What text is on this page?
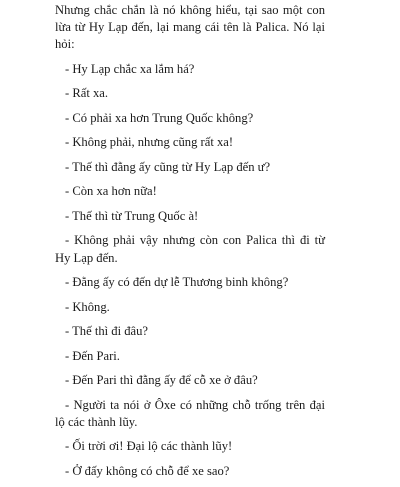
Nhưng chắc chắn là nó không hiểu, tại sao một con lừa từ Hy Lạp đến, lại mang cái tên là Palica. Nó lại hỏi:

- Hy Lạp chắc xa lắm há?

- Rất xa.

- Có phải xa hơn Trung Quốc không?

- Không phải, nhưng cũng rất xa!

- Thế thì đằng ấy cũng từ Hy Lạp đến ư?

- Còn xa hơn nữa!

- Thế thì từ Trung Quốc à!

- Không phải vậy nhưng còn con Palica thì đi từ Hy Lạp đến.

- Đằng ấy có đến dự lễ Thương binh không?

- Không.

- Thế thì đi đâu?

- Đến Pari.

- Đến Pari thì đằng ấy để cỗ xe ở đâu?

- Người ta nói ở Ôxe có những chỗ trống trên đại lộ các thành lũy.

- Ối trời ơi! Đại lộ các thành lũy!

- Ở đấy không có chỗ để xe sao?
